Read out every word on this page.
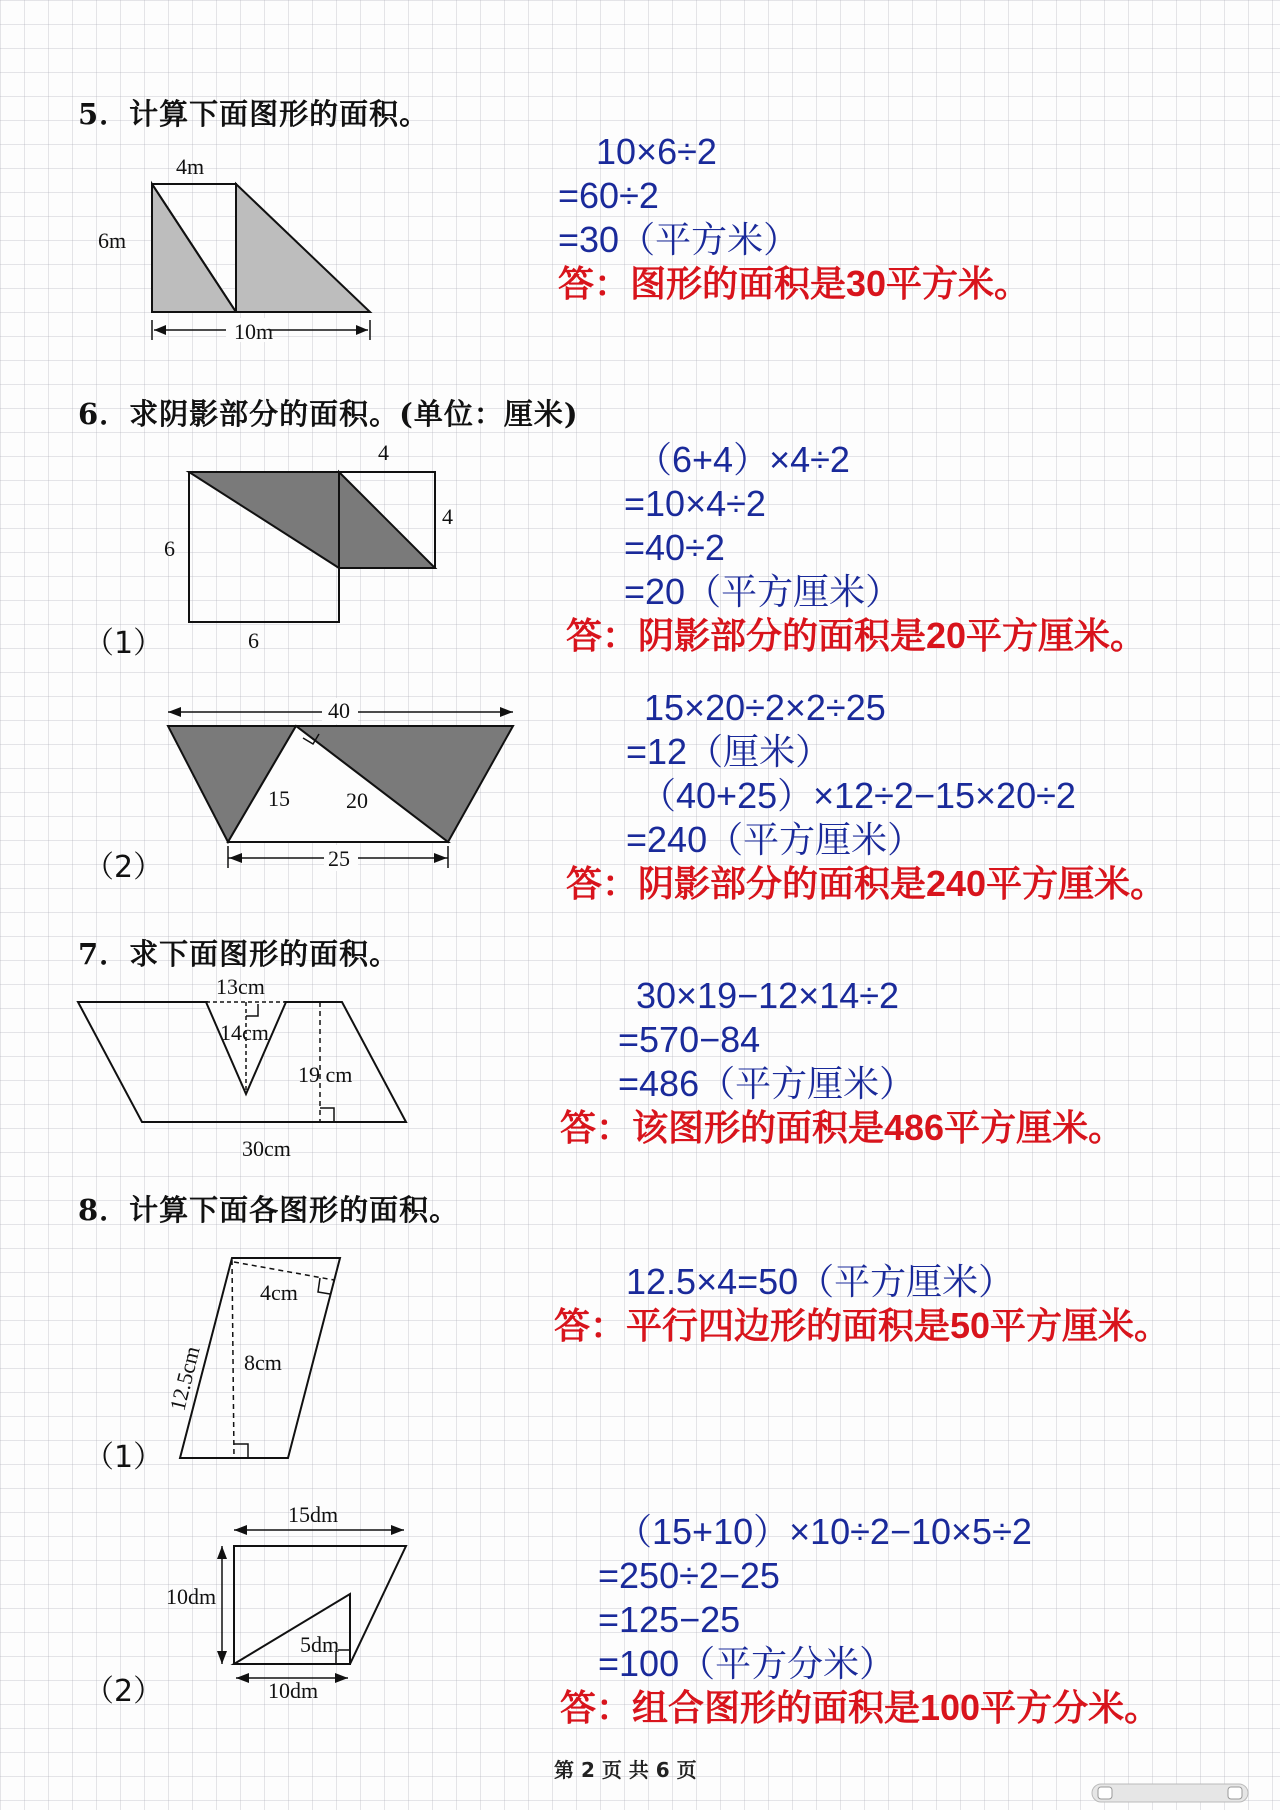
5．计算下面图形的面积。
4m
6m
10m
10×6÷2
=60÷2
=30（平方米）
答：图形的面积是30平方米。
6．求阴影部分的面积。(单位：厘米)
4
4
6
6
（1）
（6+4）×4÷2
=10×4÷2
=40÷2
=20（平方厘米）
答：阴影部分的面积是20平方厘米。
40
15	20
25
（2）
15×20÷2×2÷25
=12（厘米）
（40+25）×12÷2−15×20÷2
=240（平方厘米）
答：阴影部分的面积是240平方厘米。
7．求下面图形的面积。
13cm
14cm
19 cm
30cm
30×19−12×14÷2
=570−84
=486（平方厘米）
答：该图形的面积是486平方厘米。
8．计算下面各图形的面积。
4cm
8cm
12.5cm
（1）
12.5×4=50（平方厘米）
答：平行四边形的面积是50平方厘米。
15dm
10dm
5dm
10dm
（2）
（15+10）×10÷2−10×5÷2
=250÷2−25
=125−25
=100（平方分米）
答：组合图形的面积是100平方分米。
第 2 页 共 6 页
